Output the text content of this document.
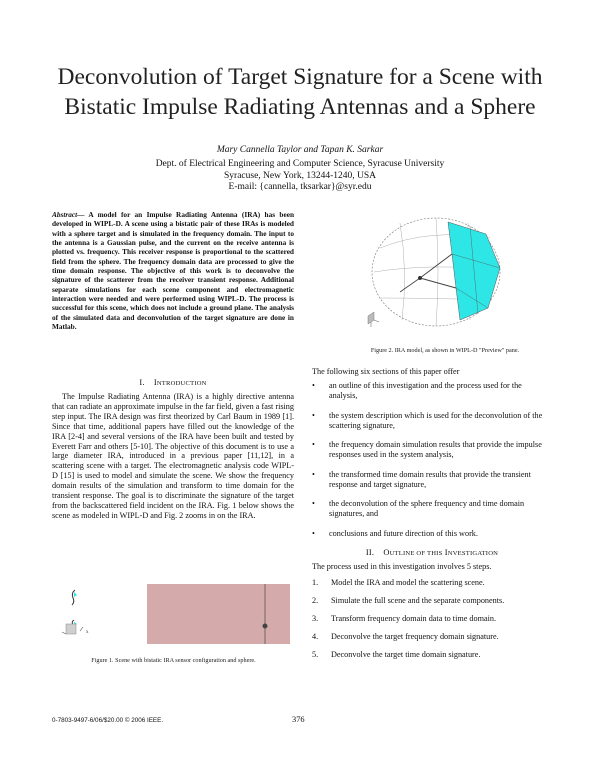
Deconvolution of Target Signature for a Scene with
Bistatic Impulse Radiating Antennas and a Sphere
Mary Cannella Taylor and Tapan K. Sarkar
Dept. of Electrical Engineering and Computer Science, Syracuse University
Syracuse, New York, 13244-1240, USA
E-mail: {cannella, tksarkar}@syr.edu
Abstract— A model for an Impulse Radiating Antenna (IRA) has been developed in WIPL-D. A scene using a bistatic pair of these IRAs is modeled with a sphere target and is simulated in the frequency domain. The input to the antenna is a Gaussian pulse, and the current on the receive antenna is plotted vs. frequency. This receiver response is proportional to the scattered field from the sphere. The frequency domain data are processed to give the time domain response. The objective of this work is to deconvolve the signature of the scatterer from the receiver transient response. Additional separate simulations for each scene component and electromagnetic interaction were needed and were performed using WIPL-D. The process is successful for this scene, which does not include a ground plane. The analysis of the simulated data and deconvolution of the target signature are done in Matlab.
I. INTRODUCTION
The Impulse Radiating Antenna (IRA) is a highly directive antenna that can radiate an approximate impulse in the far field, given a fast rising step input. The IRA design was first theorized by Carl Baum in 1989 [1]. Since that time, additional papers have filled out the knowledge of the IRA [2-4] and several versions of the IRA have been built and tested by Everett Farr and others [5-10]. The objective of this document is to use a large diameter IRA, introduced in a previous paper [11,12], in a scattering scene with a target. The electromagnetic analysis code WIPL-D [15] is used to model and simulate the scene. We show the frequency domain results of the simulation and transform to time domain for the transient response. The goal is to discriminate the signature of the target from the backscattered field incident on the IRA. Fig. 1 below shows the scene as modeled in WIPL-D and Fig. 2 zooms in on the IRA.
x
Figure 1. Scene with bistatic IRA sensor configuration and sphere.
Figure 2. IRA model, as shown in WIPL-D "Preview" pane.
The following six sections of this paper offer
• an outline of this investigation and the process used for the analysis,
• the system description which is used for the deconvolution of the scattering signature,
• the frequency domain simulation results that provide the impulse responses used in the system analysis,
• the transformed time domain results that provide the transient response and target signature,
• the deconvolution of the sphere frequency and time domain signatures, and
• conclusions and future direction of this work.
II. OUTLINE OF THIS INVESTIGATION
The process used in this investigation involves 5 steps.
1. Model the IRA and model the scattering scene.
2. Simulate the full scene and the separate components.
3. Transform frequency domain data to time domain.
4. Deconvolve the target frequency domain signature.
5. Deconvolve the target time domain signature.
0-7803-9497-6/06/$20.00 © 2006 IEEE.	376
